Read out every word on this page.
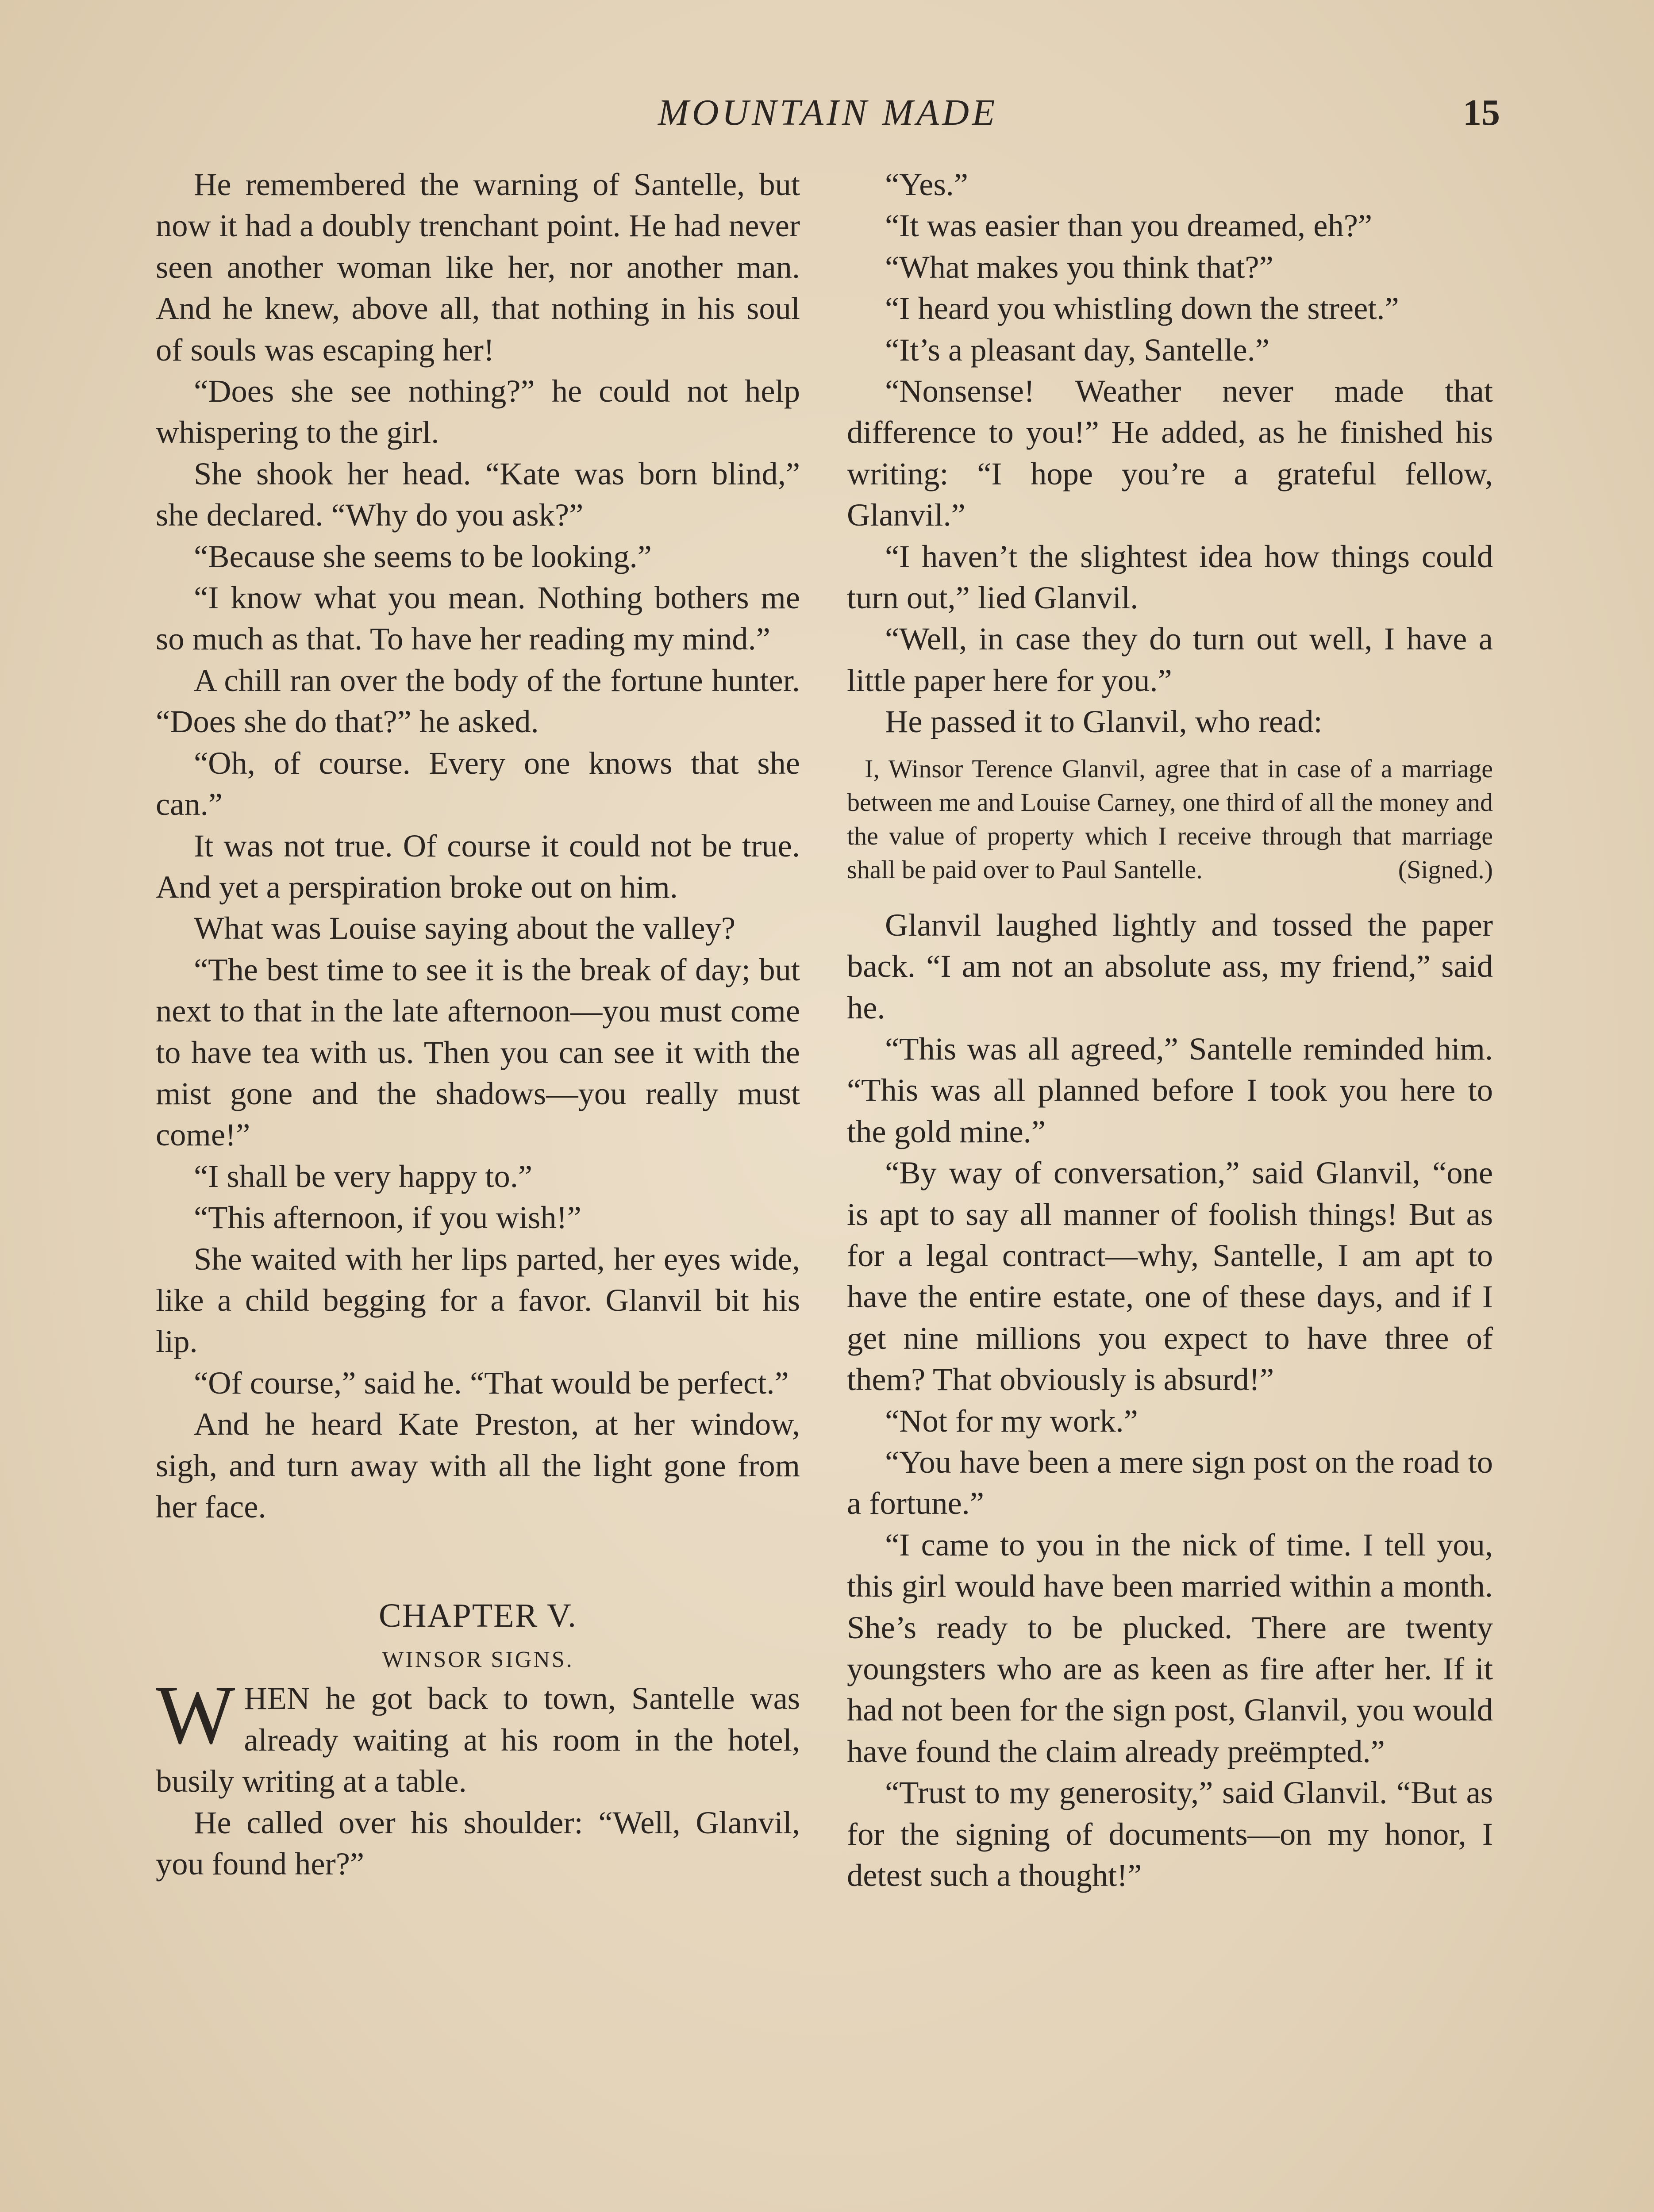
MOUNTAIN MADE	15

He remembered the warning of Santelle, but now it had a doubly trenchant point. He had never seen another woman like her, nor another man. And he knew, above all, that nothing in his soul of souls was escaping her!

“Does she see nothing?” he could not help whispering to the girl.

She shook her head. “Kate was born blind,” she declared. “Why do you ask?”

“Because she seems to be looking.”

“I know what you mean. Nothing bothers me so much as that. To have her reading my mind.”

A chill ran over the body of the fortune hunter. “Does she do that?” he asked.

“Oh, of course. Every one knows that she can.”

It was not true. Of course it could not be true. And yet a perspiration broke out on him.

What was Louise saying about the valley?

“The best time to see it is the break of day; but next to that in the late afternoon—you must come to have tea with us. Then you can see it with the mist gone and the shadows—you really must come!”

“I shall be very happy to.”

“This afternoon, if you wish!”

She waited with her lips parted, her eyes wide, like a child begging for a favor. Glanvil bit his lip.

“Of course,” said he. “That would be perfect.”

And he heard Kate Preston, at her window, sigh, and turn away with all the light gone from her face.

CHAPTER V.
WINSOR SIGNS.

WHEN he got back to town, Santelle was already waiting at his room in the hotel, busily writing at a table.

He called over his shoulder: “Well, Glanvil, you found her?”

“Yes.”

“It was easier than you dreamed, eh?”

“What makes you think that?”

“I heard you whistling down the street.”

“It’s a pleasant day, Santelle.”

“Nonsense! Weather never made that difference to you!” He added, as he finished his writing: “I hope you’re a grateful fellow, Glanvil.”

“I haven’t the slightest idea how things could turn out,” lied Glanvil.

“Well, in case they do turn out well, I have a little paper here for you.”

He passed it to Glanvil, who read:

I, Winsor Terence Glanvil, agree that in case of a marriage between me and Louise Carney, one third of all the money and the value of property which I receive through that marriage shall be paid over to Paul Santelle.	(Signed.)

Glanvil laughed lightly and tossed the paper back. “I am not an absolute ass, my friend,” said he.

“This was all agreed,” Santelle reminded him. “This was all planned before I took you here to the gold mine.”

“By way of conversation,” said Glanvil, “one is apt to say all manner of foolish things! But as for a legal contract—why, Santelle, I am apt to have the entire estate, one of these days, and if I get nine millions you expect to have three of them? That obviously is absurd!”

“Not for my work.”

“You have been a mere sign post on the road to a fortune.”

“I came to you in the nick of time. I tell you, this girl would have been married within a month. She’s ready to be plucked. There are twenty youngsters who are as keen as fire after her. If it had not been for the sign post, Glanvil, you would have found the claim already preëmpted.”

“Trust to my generosity,” said Glanvil. “But as for the signing of documents—on my honor, I detest such a thought!”
